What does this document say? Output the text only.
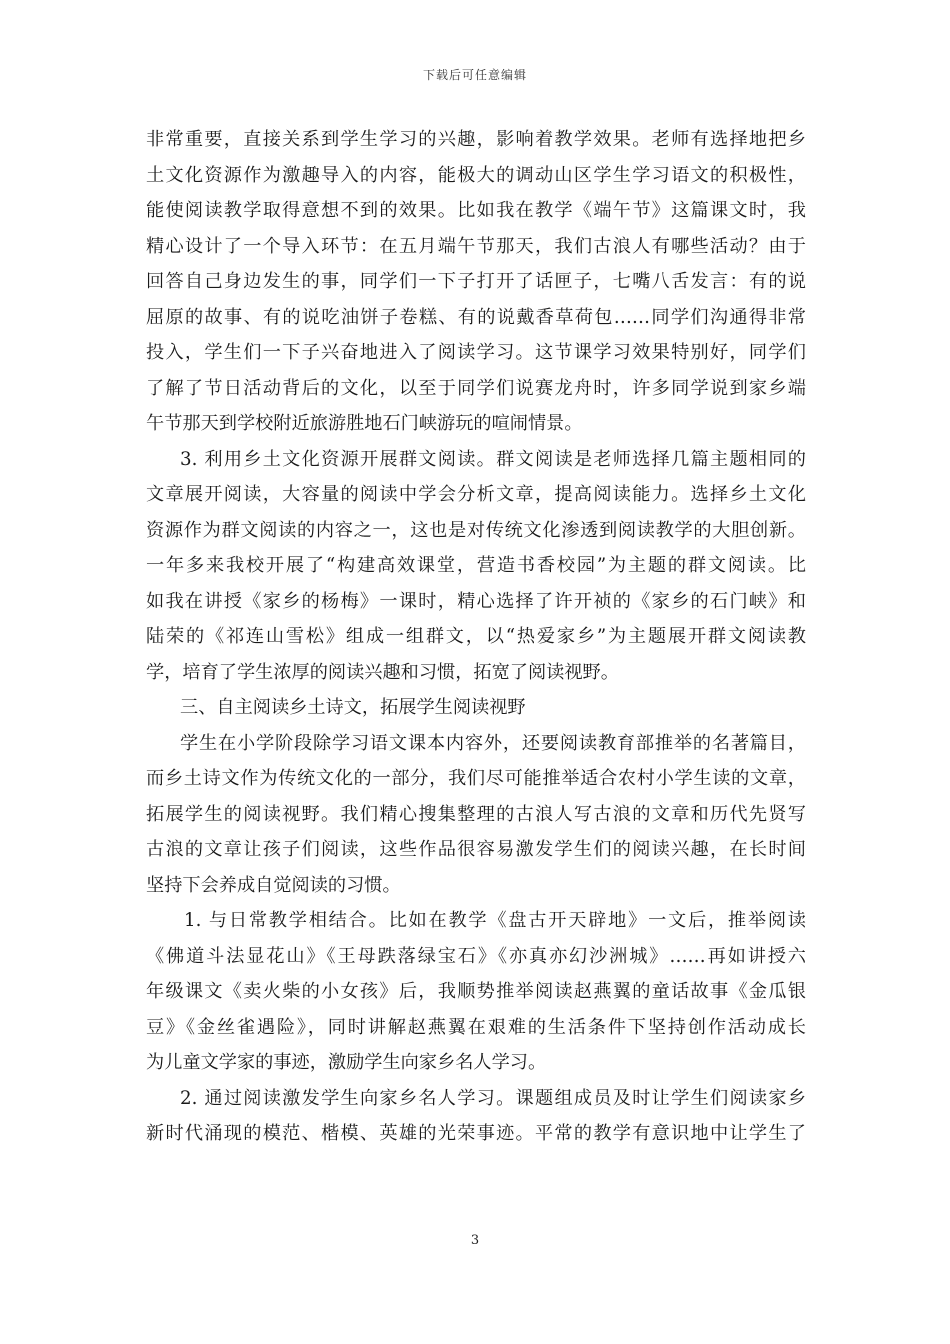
下载后可任意编辑
非常重要，直接关系到学生学习的兴趣，影响着教学效果。老师有选择地把乡
土文化资源作为激趣导入的内容，能极大的调动山区学生学习语文的积极性，
能使阅读教学取得意想不到的效果。比如我在教学《端午节》这篇课文时，我
精心设计了一个导入环节：在五月端午节那天，我们古浪人有哪些活动？由于
回答自己身边发生的事，同学们一下子打开了话匣子，七嘴八舌发言：有的说
屈原的故事、有的说吃油饼子卷糕、有的说戴香草荷包……同学们沟通得非常
投入，学生们一下子兴奋地进入了阅读学习。这节课学习效果特别好，同学们
了解了节日活动背后的文化，以至于同学们说赛龙舟时，许多同学说到家乡端
午节那天到学校附近旅游胜地石门峡游玩的喧闹情景。
3. 利用乡土文化资源开展群文阅读。群文阅读是老师选择几篇主题相同的
文章展开阅读，大容量的阅读中学会分析文章，提高阅读能力。选择乡土文化
资源作为群文阅读的内容之一，这也是对传统文化渗透到阅读教学的大胆创新。
一年多来我校开展了“构建高效课堂，营造书香校园”为主题的群文阅读。比
如我在讲授《家乡的杨梅》一课时，精心选择了许开祯的《家乡的石门峡》和
陆荣的《祁连山雪松》组成一组群文，以“热爱家乡”为主题展开群文阅读教
学，培育了学生浓厚的阅读兴趣和习惯，拓宽了阅读视野。
三、自主阅读乡土诗文，拓展学生阅读视野
学生在小学阶段除学习语文课本内容外，还要阅读教育部推举的名著篇目，
而乡土诗文作为传统文化的一部分，我们尽可能推举适合农村小学生读的文章，
拓展学生的阅读视野。我们精心搜集整理的古浪人写古浪的文章和历代先贤写
古浪的文章让孩子们阅读，这些作品很容易激发学生们的阅读兴趣，在长时间
坚持下会养成自觉阅读的习惯。
1. 与日常教学相结合。比如在教学《盘古开天辟地》一文后，推举阅读
《佛道斗法显花山》《王母跌落绿宝石》《亦真亦幻沙洲城》……再如讲授六
年级课文《卖火柴的小女孩》后，我顺势推举阅读赵燕翼的童话故事《金瓜银
豆》《金丝雀遇险》，同时讲解赵燕翼在艰难的生活条件下坚持创作活动成长
为儿童文学家的事迹，激励学生向家乡名人学习。
2. 通过阅读激发学生向家乡名人学习。课题组成员及时让学生们阅读家乡
新时代涌现的模范、楷模、英雄的光荣事迹。平常的教学有意识地中让学生了
3
